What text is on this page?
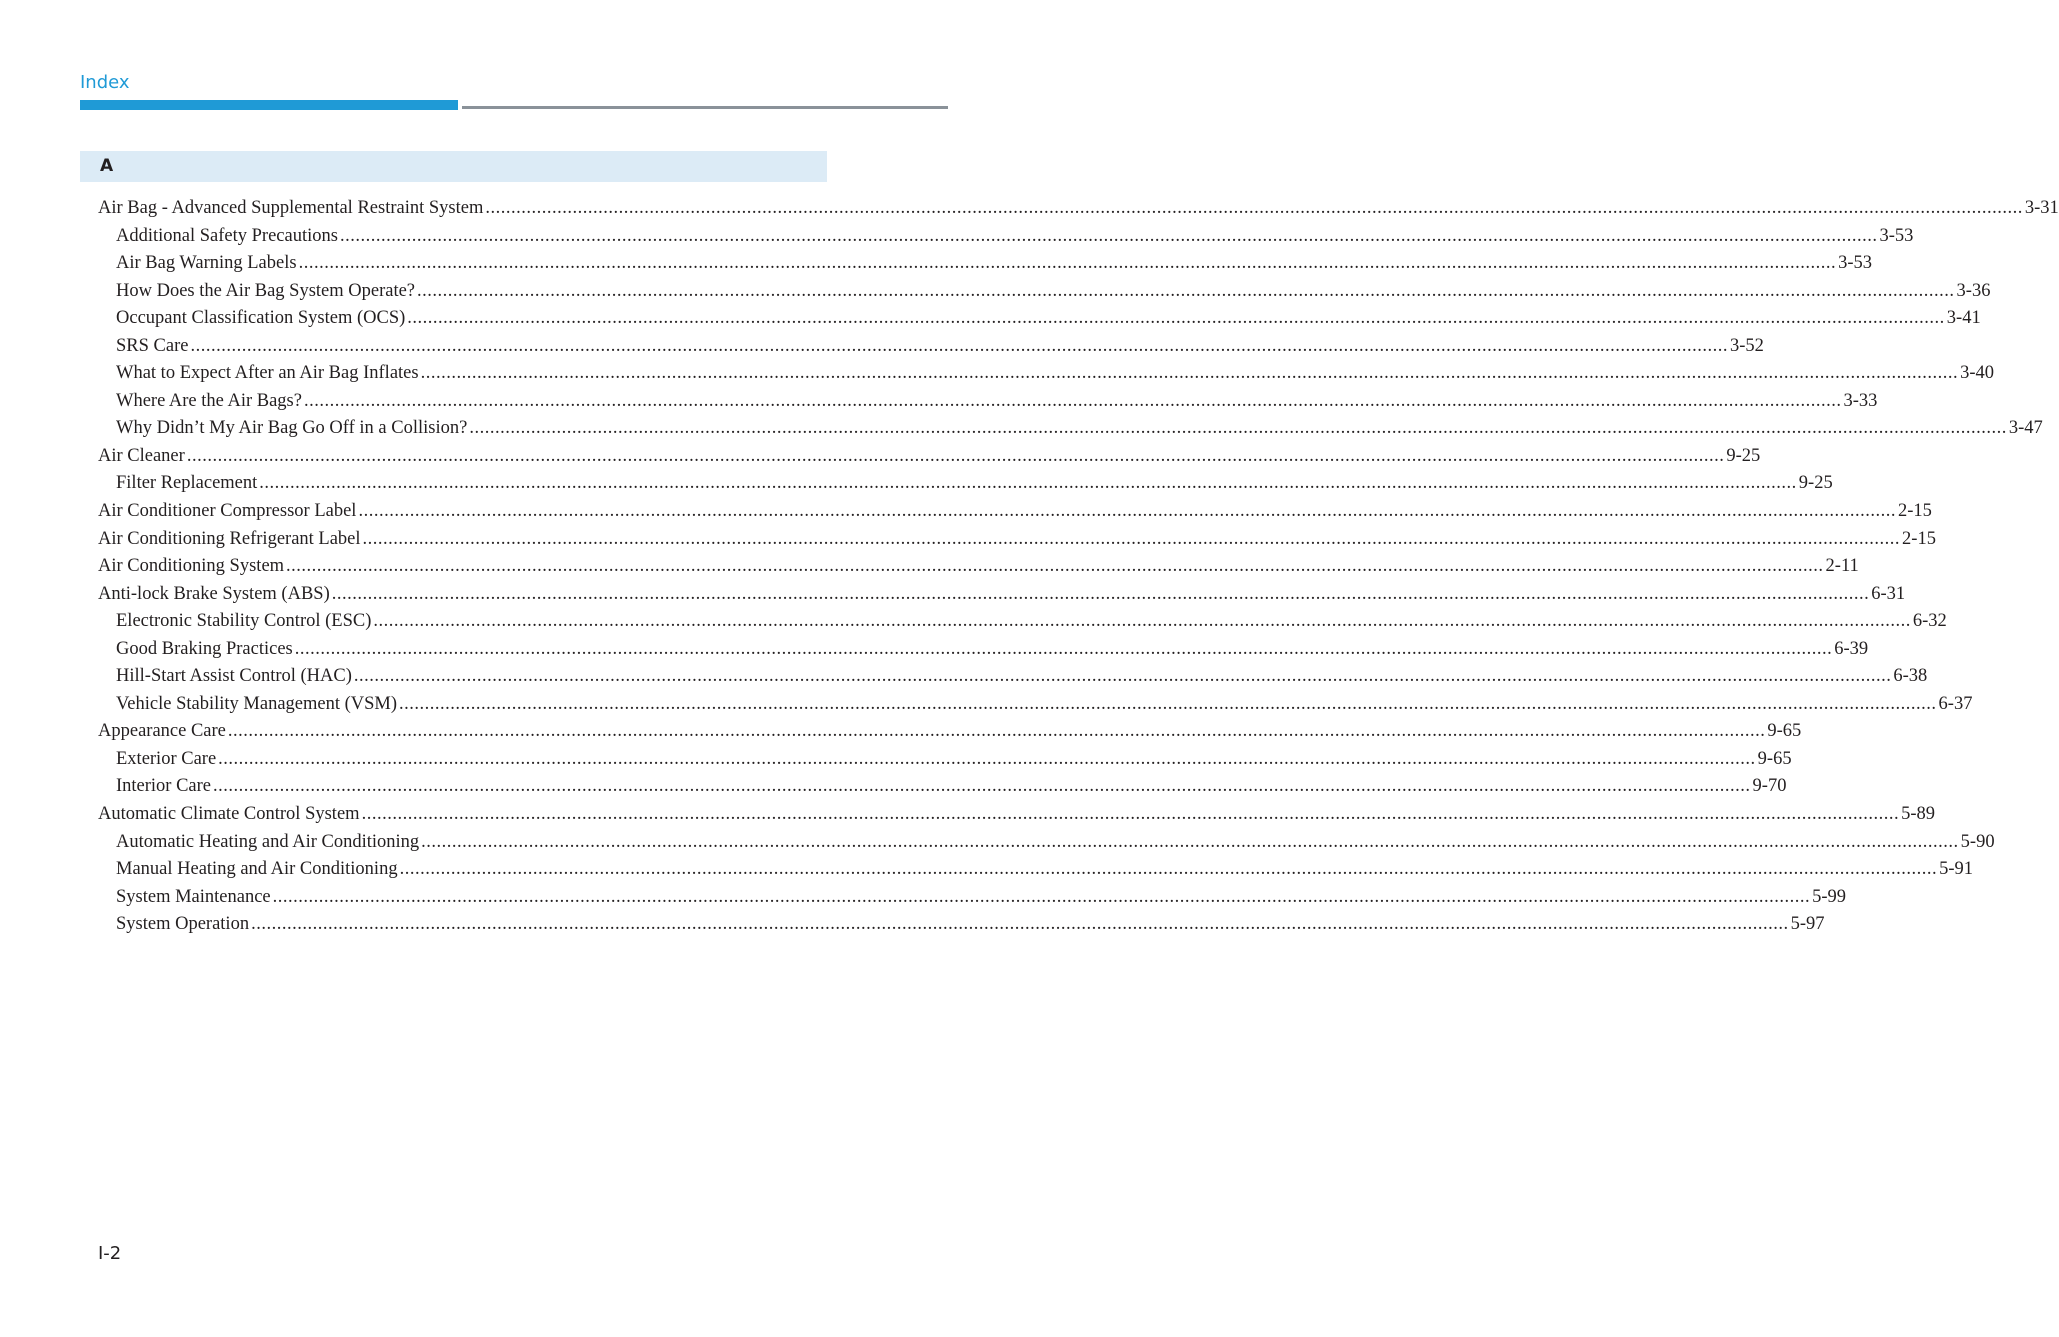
Index
A
Air Bag - Advanced Supplemental Restraint System ............................................................................................................................................................................................................................................................................................................ 3-31
Additional Safety Precautions ............................................................................................................................................................................................................................................................................................................ 3-53
Air Bag Warning Labels ............................................................................................................................................................................................................................................................................................................ 3-53
How Does the Air Bag System Operate? ............................................................................................................................................................................................................................................................................................................ 3-36
Occupant Classification System (OCS) ............................................................................................................................................................................................................................................................................................................ 3-41
SRS Care ............................................................................................................................................................................................................................................................................................................ 3-52
What to Expect After an Air Bag Inflates ............................................................................................................................................................................................................................................................................................................ 3-40
Where Are the Air Bags? ............................................................................................................................................................................................................................................................................................................ 3-33
Why Didn’t My Air Bag Go Off in a Collision? ............................................................................................................................................................................................................................................................................................................ 3-47
Air Cleaner ............................................................................................................................................................................................................................................................................................................ 9-25
Filter Replacement ............................................................................................................................................................................................................................................................................................................ 9-25
Air Conditioner Compressor Label ............................................................................................................................................................................................................................................................................................................ 2-15
Air Conditioning Refrigerant Label ............................................................................................................................................................................................................................................................................................................ 2-15
Air Conditioning System ............................................................................................................................................................................................................................................................................................................ 2-11
Anti-lock Brake System (ABS) ............................................................................................................................................................................................................................................................................................................ 6-31
Electronic Stability Control (ESC) ............................................................................................................................................................................................................................................................................................................ 6-32
Good Braking Practices ............................................................................................................................................................................................................................................................................................................ 6-39
Hill-Start Assist Control (HAC) ............................................................................................................................................................................................................................................................................................................ 6-38
Vehicle Stability Management (VSM) ............................................................................................................................................................................................................................................................................................................ 6-37
Appearance Care ............................................................................................................................................................................................................................................................................................................ 9-65
Exterior Care ............................................................................................................................................................................................................................................................................................................ 9-65
Interior Care ............................................................................................................................................................................................................................................................................................................ 9-70
Automatic Climate Control System ............................................................................................................................................................................................................................................................................................................ 5-89
Automatic Heating and Air Conditioning ............................................................................................................................................................................................................................................................................................................ 5-90
Manual Heating and Air Conditioning ............................................................................................................................................................................................................................................................................................................ 5-91
System Maintenance ............................................................................................................................................................................................................................................................................................................ 5-99
System Operation ............................................................................................................................................................................................................................................................................................................ 5-97
I-2
